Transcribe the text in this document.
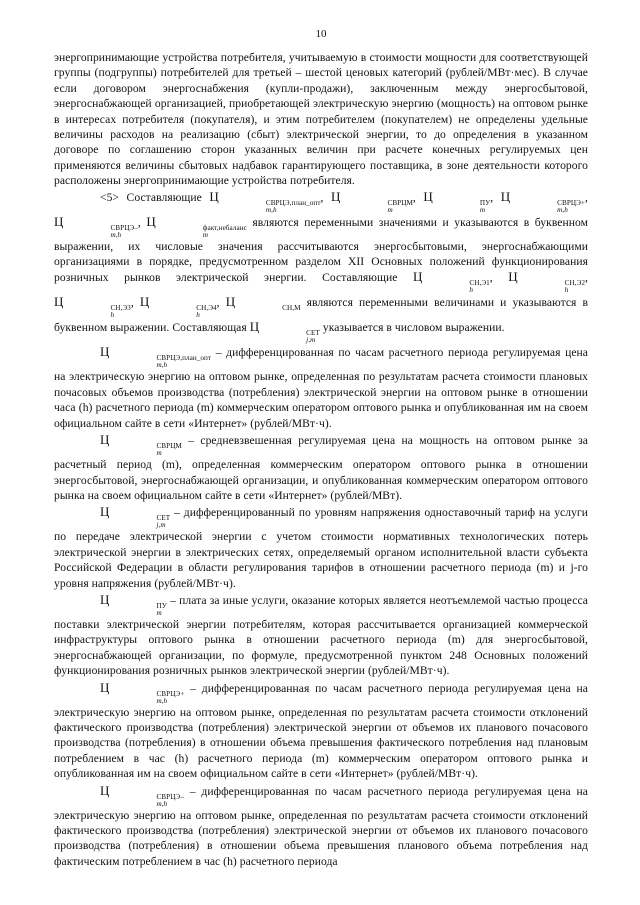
10

энергопринимающие устройства потребителя, учитываемую в стоимости мощности для соответствующей группы (подгруппы) потребителей для третьей – шестой ценовых категорий (рублей/МВт·мес). В случае если договором энергоснабжения (купли-продажи), заключенным между энергосбытовой, энергоснабжающей организацией, приобретающей электрическую энергию (мощность) на оптовом рынке в интересах потребителя (покупателя), и этим потребителем (покупателем) не определены удельные величины расходов на реализацию (сбыт) электрической энергии, то до определения в указанном договоре по соглашению сторон указанных величин при расчете конечных регулируемых цен применяются величины сбытовых надбавок гарантирующего поставщика, в зоне деятельности которого расположены энергопринимающие устройства потребителя.

<5> Составляющие Ц	СВРЦЭ,план_опт
m,h
, Ц	СВРЦМ
m
, Ц	ПУ
m
, Ц	СВРЦЭ+
m,h
, Ц	СВРЦЭ–
m,h
, Ц	факт,небаланс
m
являются переменными значениями и указываются в буквенном выражении, их числовые значения рассчитываются энергосбытовыми, энергоснабжающими организациями в порядке, предусмотренном разделом XII Основных положений функционирования розничных рынков электрической энергии. Составляющие Ц	СН,Э1
h
, Ц	СН,Э2
h
, Ц	СН,Э3
h
, Ц	СН,Э4
h
, Ц	СН,М являются переменными величинами и указываются в буквенном выражении. Составляющая Ц	СЕТ
j,m
указывается в числовом выражении.

Ц	СВРЦЭ,план_опт
m,h
– дифференцированная по часам расчетного периода регулируемая цена на электрическую энергию на оптовом рынке, определенная по результатам расчета стоимости плановых почасовых объемов производства (потребления) электрической энергии на оптовом рынке в отношении часа (h) расчетного периода (m) коммерческим оператором оптового рынка и опубликованная им на своем официальном сайте в сети «Интернет» (рублей/МВт·ч).

Ц	СВРЦМ
m
– средневзвешенная регулируемая цена на мощность на оптовом рынке за расчетный период (m), определенная коммерческим оператором оптового рынка в отношении энергосбытовой, энергоснабжающей организации, и опубликованная коммерческим оператором оптового рынка на своем официальном сайте в сети «Интернет» (рублей/МВт).

Ц	СЕТ
j,m
– дифференцированный по уровням напряжения одноставочный тариф на услуги по передаче электрической энергии с учетом стоимости нормативных технологических потерь электрической энергии в электрических сетях, определяемый органом исполнительной власти субъекта Российской Федерации в области регулирования тарифов в отношении расчетного периода (m) и j-го уровня напряжения (рублей/МВт·ч).

Ц	ПУ
m
– плата за иные услуги, оказание которых является неотъемлемой частью процесса поставки электрической энергии потребителям, которая рассчитывается организацией коммерческой инфраструктуры оптового рынка в отношении расчетного периода (m) для энергосбытовой, энергоснабжающей организации, по формуле, предусмотренной пунктом 248 Основных положений функционирования розничных рынков электрической энергии (рублей/МВт·ч).

Ц	СВРЦЭ+
m,h
– дифференцированная по часам расчетного периода регулируемая цена на электрическую энергию на оптовом рынке, определенная по результатам расчета стоимости отклонений фактического производства (потребления) электрической энергии от объемов их планового почасового производства (потребления) в отношении объема превышения фактического потребления над плановым потреблением в час (h) расчетного периода (m) коммерческим оператором оптового рынка и опубликованная им на своем официальном сайте в сети «Интернет» (рублей/МВт·ч).

Ц	СВРЦЭ–
m,h
– дифференцированная по часам расчетного периода регулируемая цена на электрическую энергию на оптовом рынке, определенная по результатам расчета стоимости отклонений фактического производства (потребления) электрической энергии от объемов их планового почасового производства (потребления) в отношении объема превышения планового объема потребления над фактическим потреблением в час (h) расчетного периода
